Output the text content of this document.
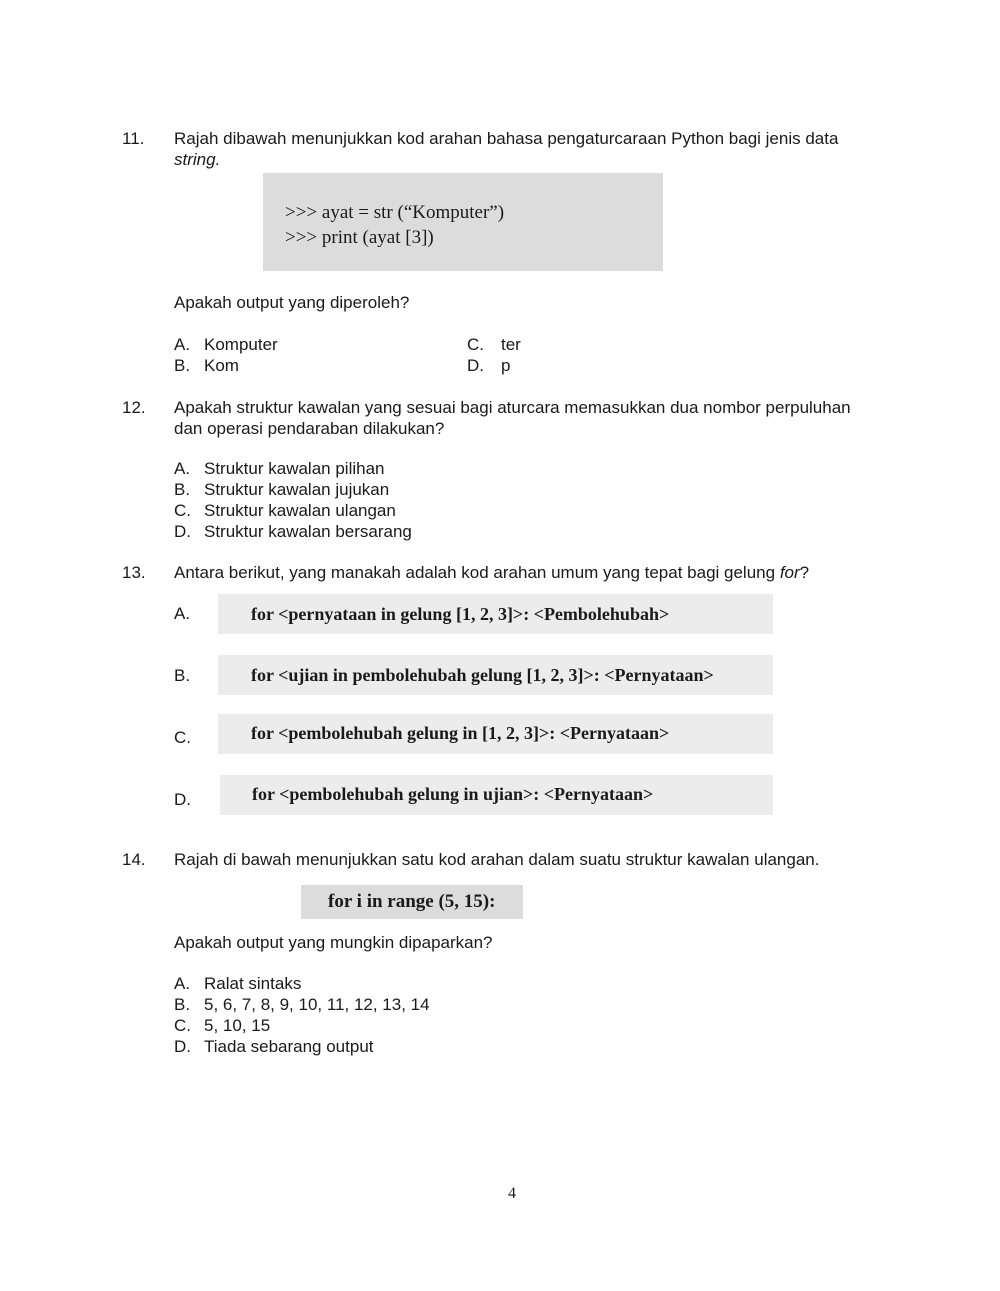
11. Rajah dibawah menunjukkan kod arahan bahasa pengaturcaraan Python bagi jenis data
string.
>>> ayat = str (“Komputer”)
>>> print (ayat [3])
Apakah output yang diperoleh?
A. Komputer
B. Kom
C. ter
D. p
12. Apakah struktur kawalan yang sesuai bagi aturcara memasukkan dua nombor perpuluhan
dan operasi pendaraban dilakukan?
A. Struktur kawalan pilihan
B. Struktur kawalan jujukan
C. Struktur kawalan ulangan
D. Struktur kawalan bersarang
13. Antara berikut, yang manakah adalah kod arahan umum yang tepat bagi gelung for?
A.	for <pernyataan in gelung [1, 2, 3]>: <Pembolehubah>
B.	for <ujian in pembolehubah gelung [1, 2, 3]>: <Pernyataan>
C.	for <pembolehubah gelung in [1, 2, 3]>: <Pernyataan>
D.	for <pembolehubah gelung in ujian>: <Pernyataan>
14. Rajah di bawah menunjukkan satu kod arahan dalam suatu struktur kawalan ulangan.
for i in range (5, 15):
Apakah output yang mungkin dipaparkan?
A. Ralat sintaks
B. 5, 6, 7, 8, 9, 10, 11, 12, 13, 14
C. 5, 10, 15
D. Tiada sebarang output
4
